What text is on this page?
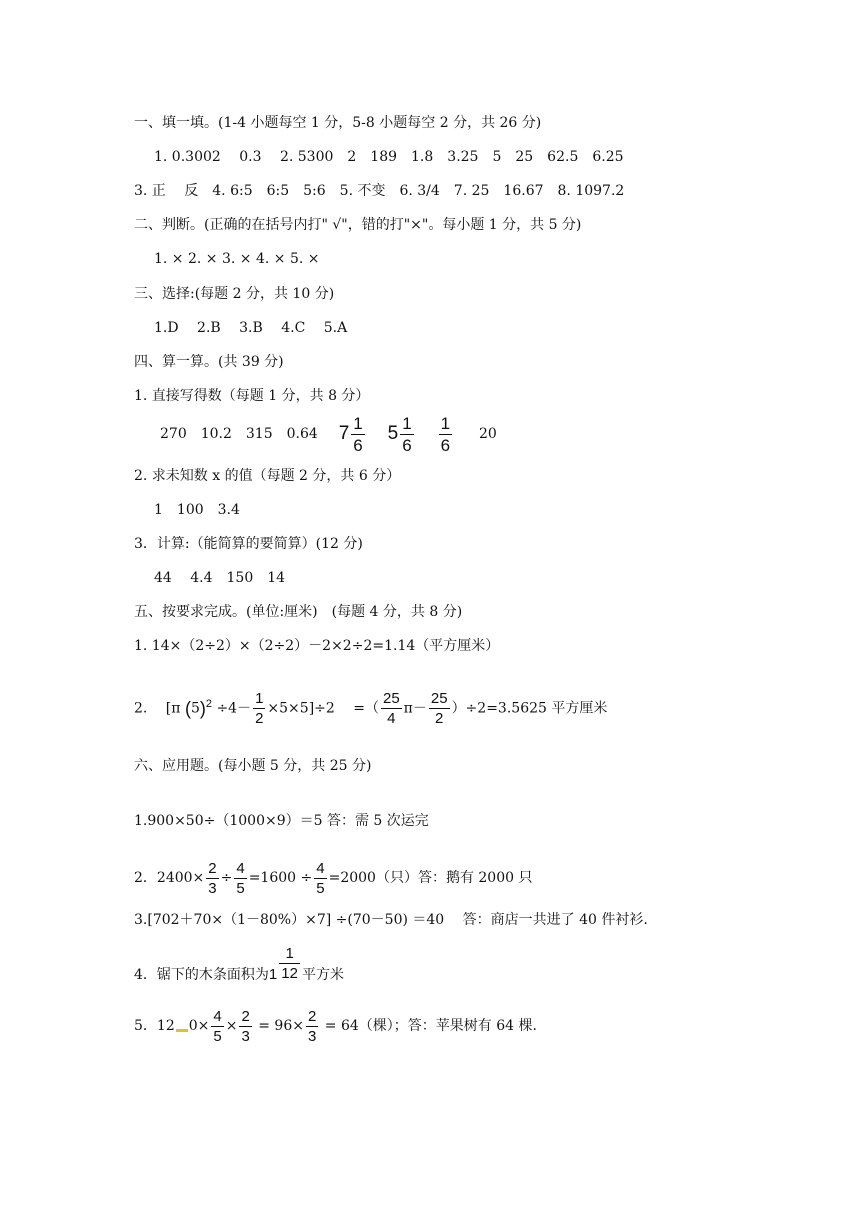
一、填一填。(1-4 小题每空 1 分，5-8 小题每空 2 分，共 26 分)
1. 0.3002　 0.3　 2. 5300　2　189　1.8　3.25　5　25　62.5　6.25
3. 正　 反　4. 6:5　6:5　5:6　5. 不变　6. 3/4　7. 25　16.67　8. 1097.2
二、判断。(正确的在括号内打" √"，错的打"×"。每小题 1 分，共 5 分)
1. × 2. × 3. × 4. × 5. ×
三、选择:(每题 2 分，共 10 分)
1.D　 2.B　 3.B　 4.C　 5.A
四、算一算。(共 39 分)
1. 直接写得数（每题 1 分，共 8 分）
270　10.2　315　0.64 $7 \frac{1}{6} 5 \frac{1}{6}$
$\frac{1}{6} 20$
2. 求未知数 x 的值（每题 2 分，共 6 分）
1　100　3.4
3．计算:（能简算的要简算）(12 分)
44　 4.4　150　14
五、按要求完成。(单位:厘米)　(每题 4 分，共 8 分)
1. 14×（2÷2）×（2÷2）－2×2÷2=1.14（平方厘米）
2.　 [π $(5)^2 \div 4- \frac{1}{2} \times 5\times 5]\div 2$　 =（ $\frac{25}{4} \pi- \frac{25}{2} )\div 2=3.5625$ 平方厘米
六、应用题。(每小题 5 分，共 25 分)
1.900×50÷（1000×9）＝5 答：需 5 次运完
2．$2400\times \frac{2}{3} \div \frac{4}{5} =1600 \div \frac{4}{5} =2000$（只）答：鹅有 2000 只
3.[702＋70×（1－80%）×7] ÷(70－50) ＝40　 答：商店一共进了 40 件衬衫.
4．锯下的木条面积为$1 \frac{1}{12}$ 平方米
5．12 $0\times \frac{4}{5} \times \frac{2}{3} = 96\times \frac{2}{3} = 64$（棵）；答：苹果树有 64 棵.
